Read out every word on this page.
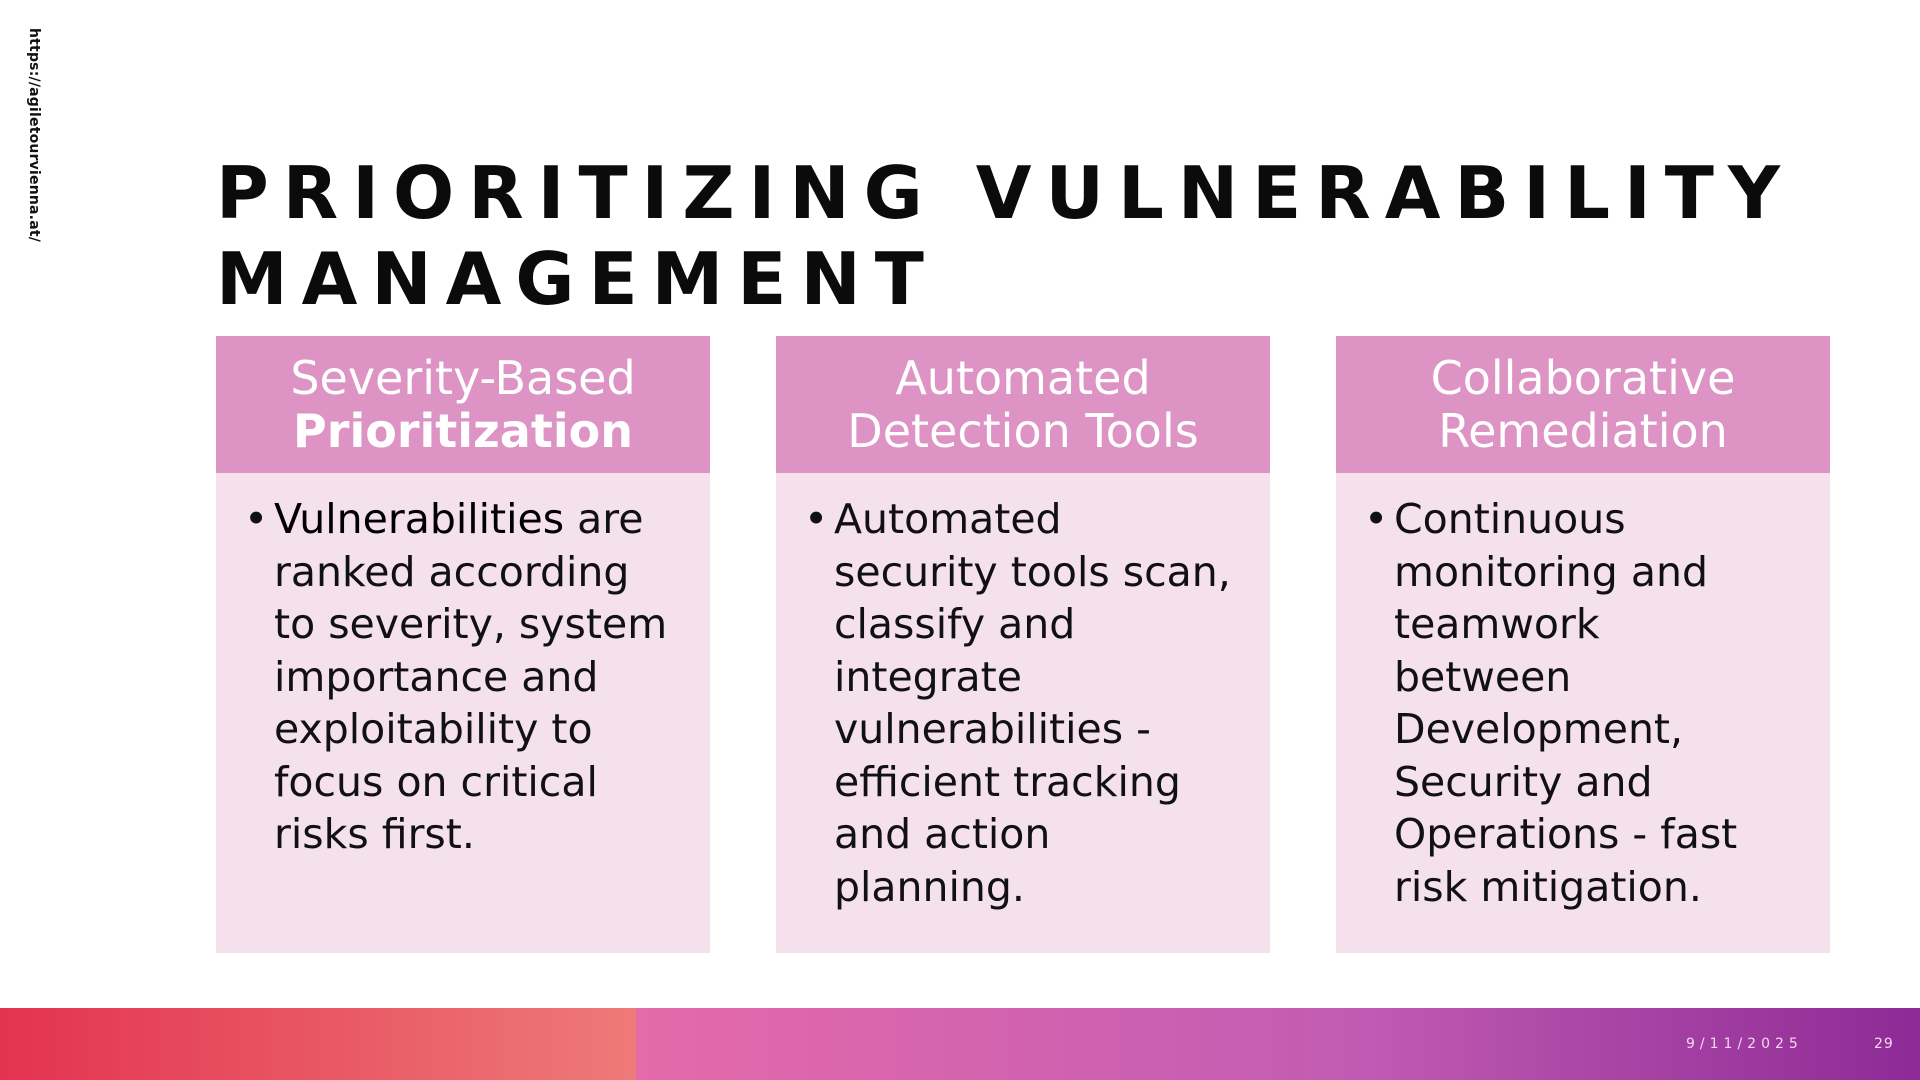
https://agiletourvienna.at/ PRIORITIZING VULNERABILITY
MANAGEMENT
Severity-Based
Prioritization
• Vulnerabilities are
ranked according
to severity, system
importance and
exploitability to
focus on critical
risks first.
Automated
Detection Tools
• Automated
security tools scan,
classify and
integrate
vulnerabilities -
efficient tracking
and action
planning.
Collaborative
Remediation
• Continuous
monitoring and
teamwork
between
Development,
Security and
Operations - fast
risk mitigation.
9/11/2025	29
